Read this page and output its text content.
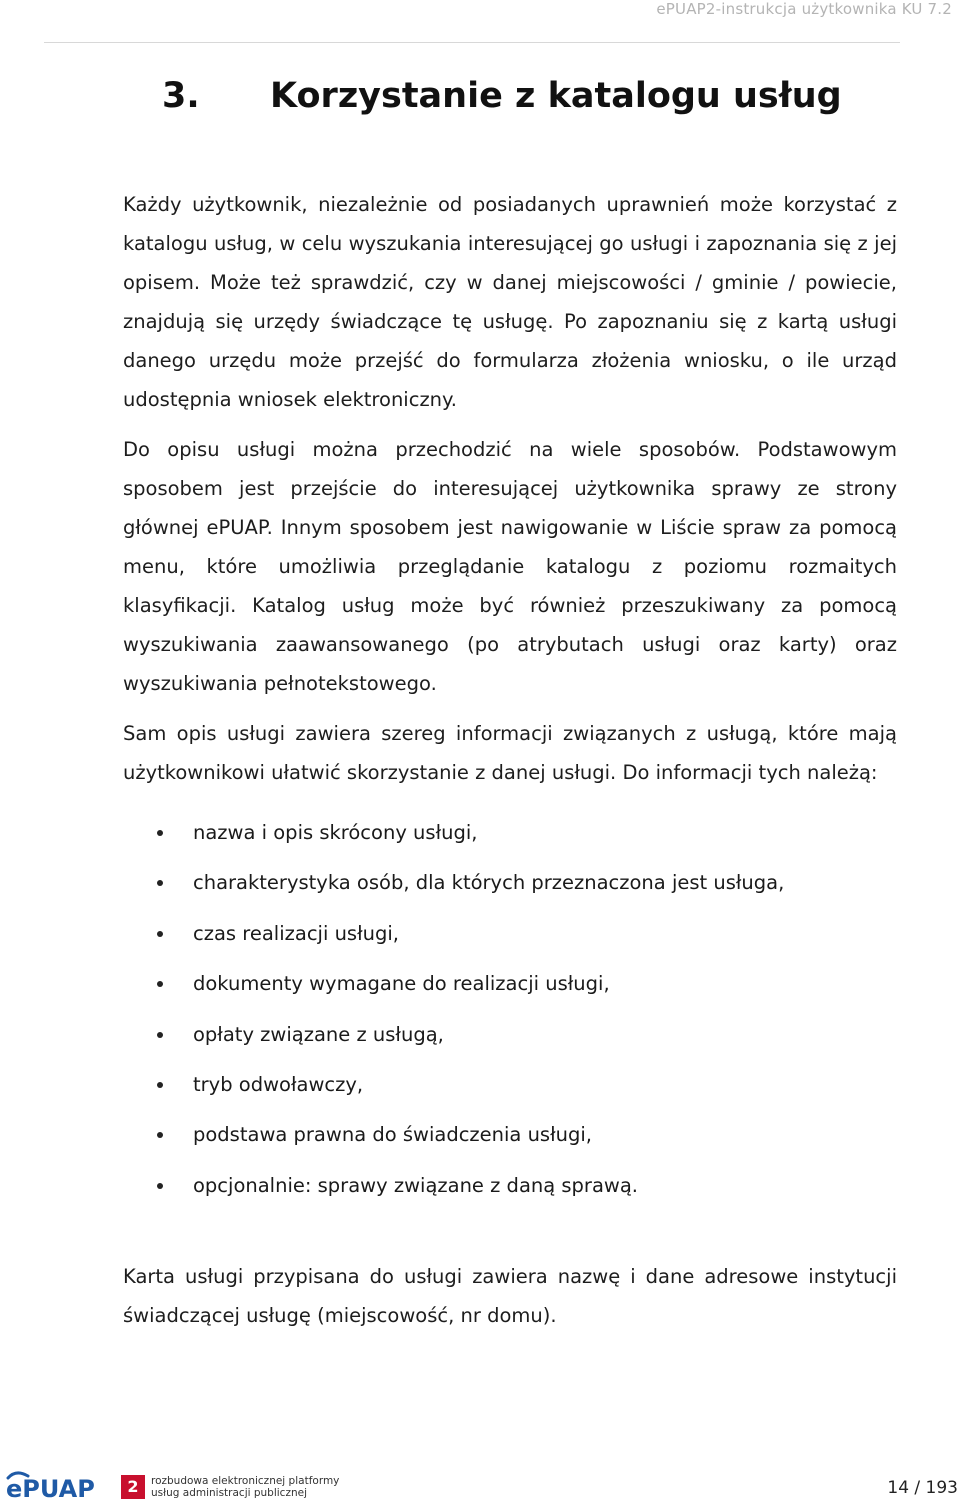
ePUAP2-instrukcja użytkownika KU 7.2
3. Korzystanie z katalogu usług

Każdy użytkownik, niezależnie od posiadanych uprawnień może korzystać z katalogu usług, w celu wyszukania interesującej go usługi i zapoznania się z jej opisem. Może też sprawdzić, czy w danej miejscowości / gminie / powiecie, znajdują się urzędy świadczące tę usługę. Po zapoznaniu się z kartą usługi danego urzędu może przejść do formularza złożenia wniosku, o ile urząd udostępnia wniosek elektroniczny.

Do opisu usługi można przechodzić na wiele sposobów. Podstawowym sposobem jest przejście do interesującej użytkownika sprawy ze strony głównej ePUAP. Innym sposobem jest nawigowanie w Liście spraw za pomocą menu, które umożliwia przeglądanie katalogu z poziomu rozmaitych klasyfikacji. Katalog usług może być również przeszukiwany za pomocą wyszukiwania zaawansowanego (po atrybutach usługi oraz karty) oraz wyszukiwania pełnotekstowego.

Sam opis usługi zawiera szereg informacji związanych z usługą, które mają użytkownikowi ułatwić skorzystanie z danej usługi. Do informacji tych należą:

nazwa i opis skrócony usługi,
charakterystyka osób, dla których przeznaczona jest usługa,
czas realizacji usługi,
dokumenty wymagane do realizacji usługi,
opłaty związane z usługą,
tryb odwoławczy,
podstawa prawna do świadczenia usługi,
opcjonalnie: sprawy związane z daną sprawą.

Karta usługi przypisana do usługi zawiera nazwę i dane adresowe instytucji świadczącej usługę (miejscowość, nr domu).

ePUAP	2	rozbudowa elektronicznej platformy
usług administracji publicznej	14 / 193
